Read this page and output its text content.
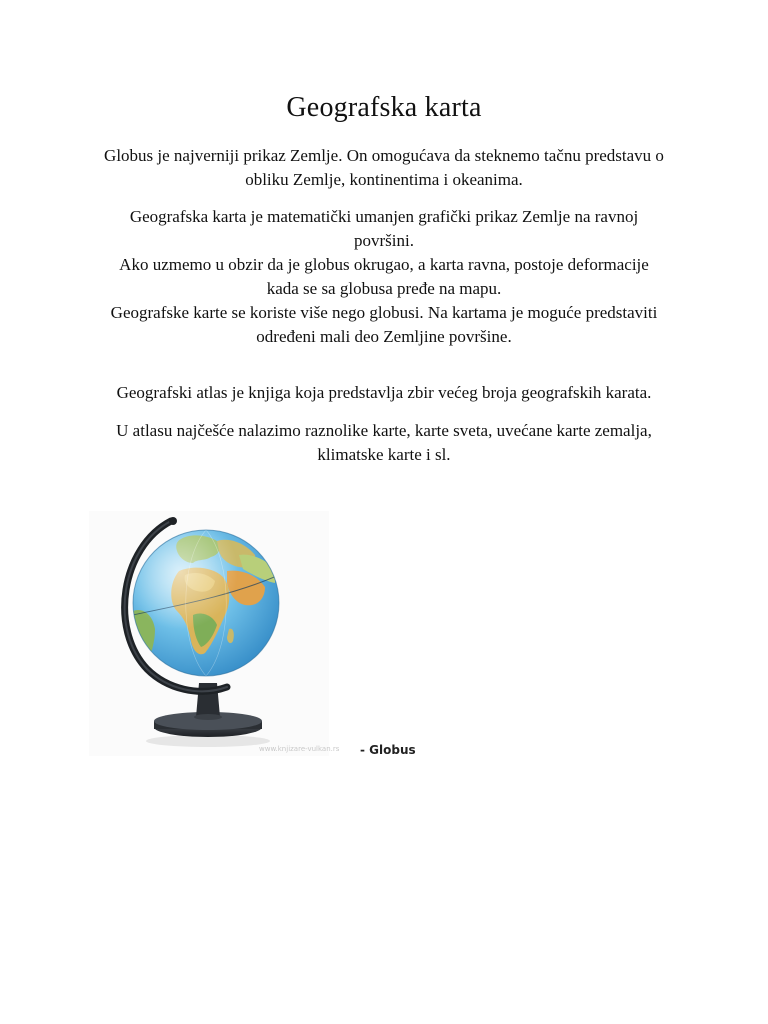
Geografska karta

Globus je najverniji prikaz Zemlje. On omogućava da steknemo tačnu predstavu o
obliku Zemlje, kontinentima i okeanima.

Geografska karta je matematički umanjen grafički prikaz Zemlje na ravnoj
površini.
Ako uzmemo u obzir da je globus okrugao, a karta ravna, postoje deformacije
kada se sa globusa pređe na mapu.
Geografske karte se koriste više nego globusi. Na kartama je moguće predstaviti
određeni mali deo Zemljine površine.

Geografski atlas je knjiga koja predstavlja zbir većeg broja geografskih karata.

U atlasu najčešće nalazimo raznolike karte, karte sveta, uvećane karte zemalja,
klimatske karte i sl.

www.knjizare-vulkan.rs - Globus
